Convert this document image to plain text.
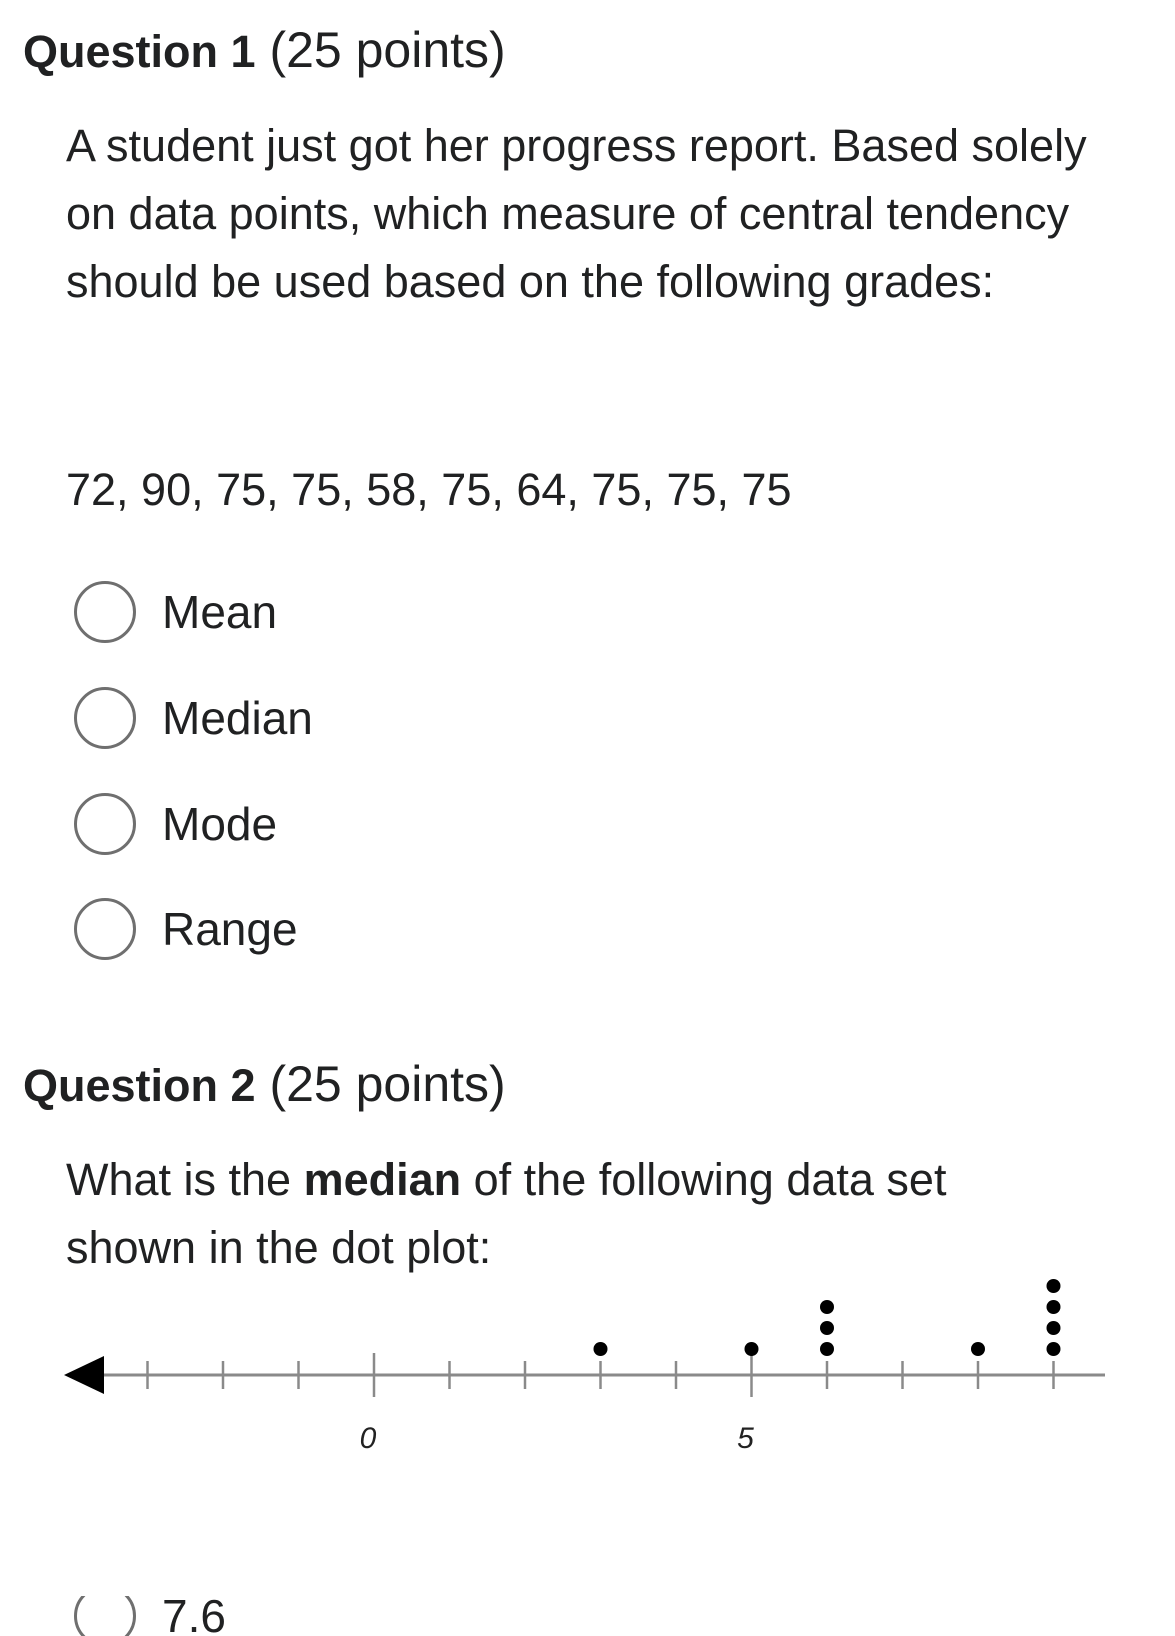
Question 1 (25 points)

A student just got her progress report. Based solely on data points, which measure of central tendency should be used based on the following grades:

72, 90, 75, 75, 58, 75, 64, 75, 75, 75
Mean
Median
Mode
Range
Question 2 (25 points)

What is the median of the following data set shown in the dot plot:

0	5
7.6
